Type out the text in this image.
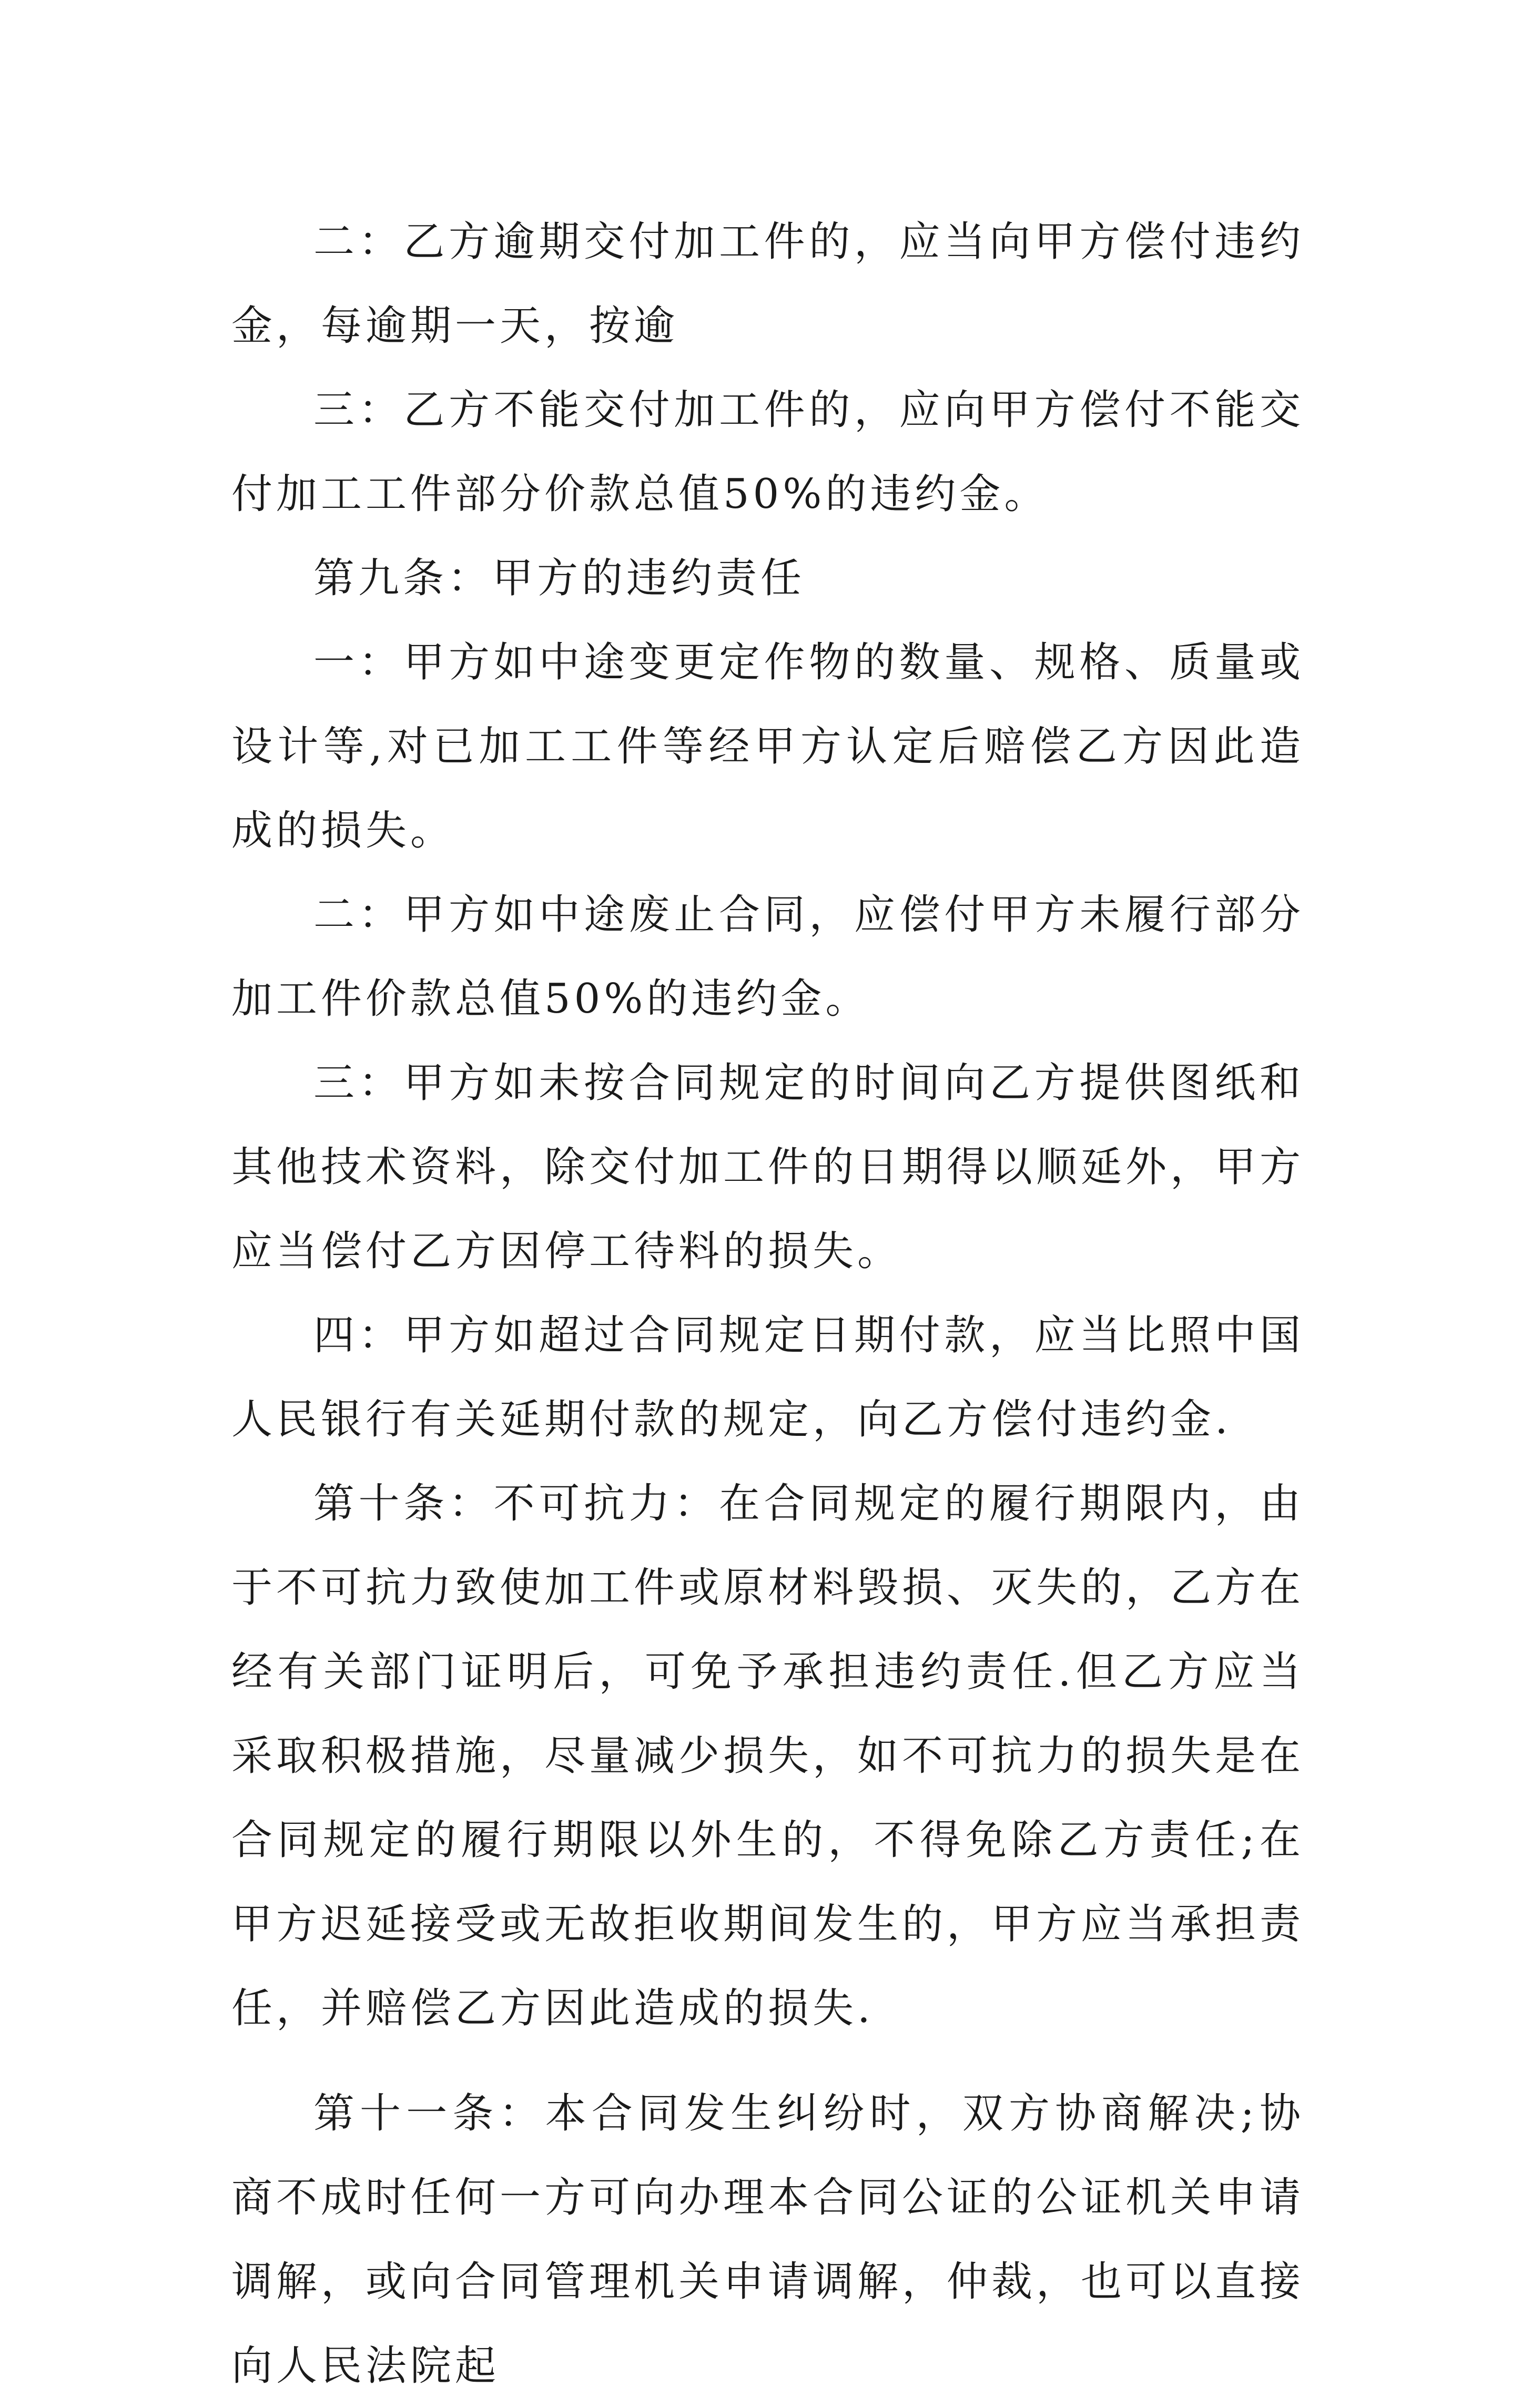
二：乙方逾期交付加工件的，应当向甲方偿付违约金，每逾期一天，按逾

三：乙方不能交付加工件的，应向甲方偿付不能交付加工工件部分价款总值50%的违约金。

第九条：甲方的违约责任

一：甲方如中途变更定作物的数量、规格、质量或设计等,对已加工工件等经甲方认定后赔偿乙方因此造成的损失。

二：甲方如中途废止合同，应偿付甲方未履行部分加工件价款总值50%的违约金。

三：甲方如未按合同规定的时间向乙方提供图纸和其他技术资料，除交付加工件的日期得以顺延外，甲方应当偿付乙方因停工待料的损失。

四：甲方如超过合同规定日期付款，应当比照中国人民银行有关延期付款的规定，向乙方偿付违约金.

第十条：不可抗力：在合同规定的履行期限内，由于不可抗力致使加工件或原材料毁损、灭失的，乙方在经有关部门证明后，可免予承担违约责任.但乙方应当采取积极措施，尽量减少损失，如不可抗力的损失是在合同规定的履行期限以外生的，不得免除乙方责任;在甲方迟延接受或无故拒收期间发生的，甲方应当承担责任，并赔偿乙方因此造成的损失.

第十一条：本合同发生纠纷时，双方协商解决;协商不成时任何一方可向办理本合同公证的公证机关申请调解，或向合同管理机关申请调解，仲裁，也可以直接向人民法院起
